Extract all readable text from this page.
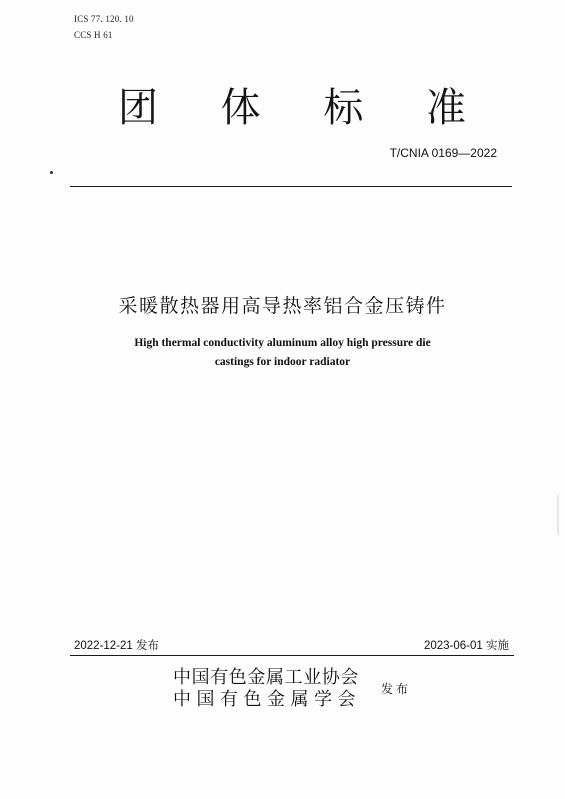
ICS 77. 120. 10
CCS H 61
团 体 标 准
T/CNIA 0169—2022
采暖散热器用高导热率铝合金压铸件
High thermal conductivity aluminum alloy high pressure die
castings for indoor radiator
2022-12-21 发布	2023-06-01 实施
中国有色金属工业协会
中国有色金属学会 发布
